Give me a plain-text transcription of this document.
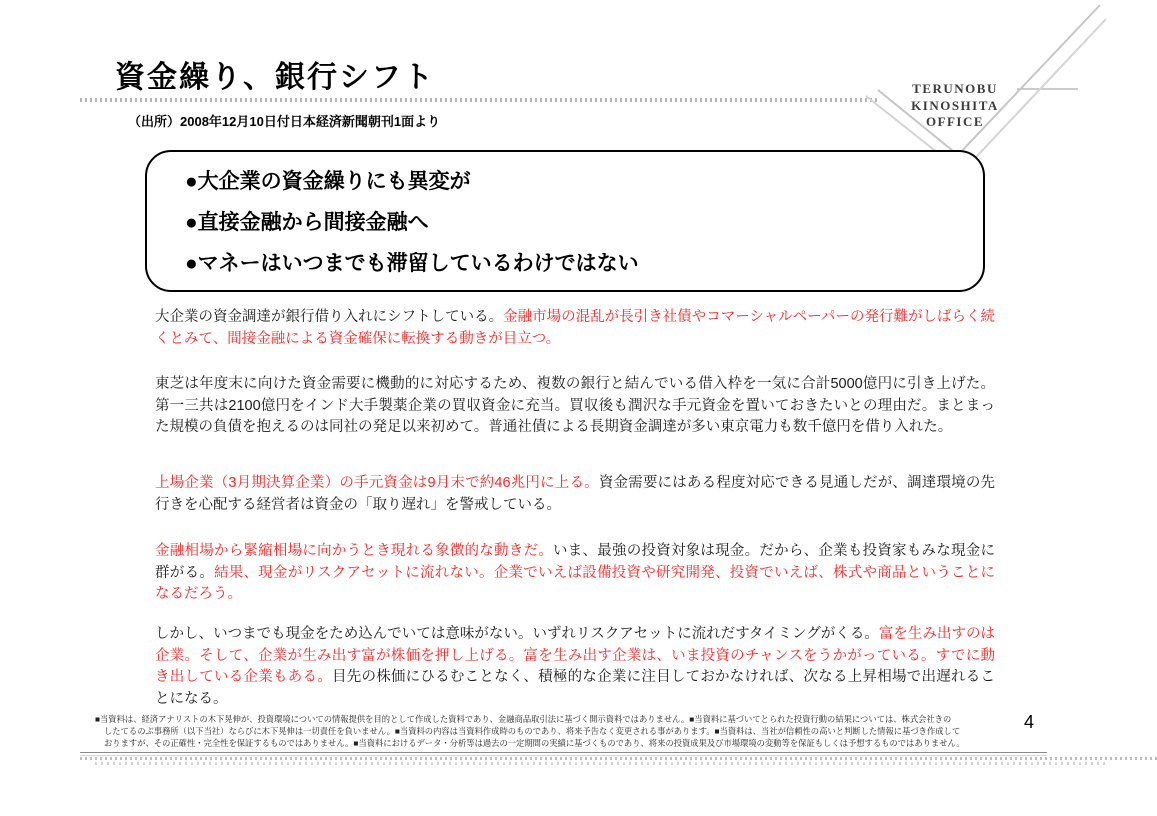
資金繰り、銀行シフト
（出所）2008年12月10日付日本経済新聞朝刊1面より
TERUNOBU
KINOSHITA
OFFICE
●大企業の資金繰りにも異変が
●直接金融から間接金融へ
●マネーはいつまでも滞留しているわけではない
大企業の資金調達が銀行借り入れにシフトしている。金融市場の混乱が長引き社債やコマーシャルペーパーの発行難がしばらく続くとみて、間接金融による資金確保に転換する動きが目立つ。
東芝は年度末に向けた資金需要に機動的に対応するため、複数の銀行と結んでいる借入枠を一気に合計5000億円に引き上げた。第一三共は2100億円をインド大手製薬企業の買収資金に充当。買収後も潤沢な手元資金を置いておきたいとの理由だ。まとまった規模の負債を抱えるのは同社の発足以来初めて。普通社債による長期資金調達が多い東京電力も数千億円を借り入れた。
上場企業（3月期決算企業）の手元資金は9月末で約46兆円に上る。資金需要にはある程度対応できる見通しだが、調達環境の先行きを心配する経営者は資金の「取り遅れ」を警戒している。
金融相場から緊縮相場に向かうとき現れる象徴的な動きだ。いま、最強の投資対象は現金。だから、企業も投資家もみな現金に群がる。結果、現金がリスクアセットに流れない。企業でいえば設備投資や研究開発、投資でいえば、株式や商品ということになるだろう。
しかし、いつまでも現金をため込んでいては意味がない。いずれリスクアセットに流れだすタイミングがくる。富を生み出すのは企業。そして、企業が生み出す富が株価を押し上げる。富を生み出す企業は、いま投資のチャンスをうかがっている。すでに動き出している企業もある。目先の株価にひるむことなく、積極的な企業に注目しておかなければ、次なる上昇相場で出遅れることになる。
■当資料は、経済アナリストの木下晃伸が、投資環境についての情報提供を目的として作成した資料であり、金融商品取引法に基づく開示資料ではありません。■当資料に基づいてとられた投資行動の結果については、株式会社きの
したてるのぶ事務所（以下当社）ならびに木下晃伸は一切責任を負いません。■当資料の内容は当資料作成時のものであり、将来予告なく変更される事があります。■当資料は、当社が信頼性の高いと判断した情報に基づき作成して
おりますが、その正確性・完全性を保証するものではありません。■当資料におけるデータ・分析等は過去の一定期間の実績に基づくものであり、将来の投資成果及び市場環境の変動等を保証もしくは予想するものではありません。
4
